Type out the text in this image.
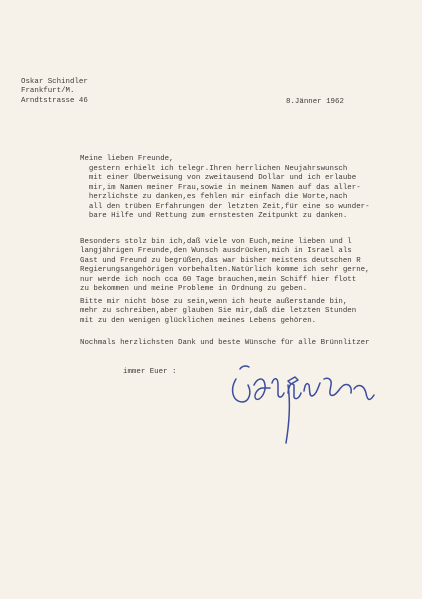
Oskar Schindler
Frankfurt/M.
Arndtstrasse 46	8.Jänner 1962

Meine lieben Freunde,

gestern erhielt ich telegr.Ihren herrlichen Neujahrswunsch
mit einer Überweisung von zweitausend Dollar und ich erlaube
mir,im Namen meiner Frau,sowie in meinem Namen auf das aller-
herzlichste zu danken,es fehlen mir einfach die Worte,nach
all den trüben Erfahrungen der letzten Zeit,für eine so wunder-
bare Hilfe und Rettung zum ernstesten Zeitpunkt zu danken.

Besonders stolz bin ich,daß viele von Euch,meine lieben und l
langjährigen Freunde,den Wunsch ausdrücken,mich in Israel als
Gast und Freund zu begrüßen,das war bisher meistens deutschen R
Regierungsangehörigen vorbehalten.Natürlich komme ich sehr gerne,
nur werde ich noch cca 60 Tage brauchen,mein Schiff hier flott
zu bekommen und meine Probleme in Ordnung zu geben.

Bitte mir nicht böse zu sein,wenn ich heute außerstande bin,
mehr zu schreiben,aber glauben Sie mir,daß die letzten Stunden
mit zu den wenigen glücklichen meines Lebens gehören.

Nochmals herzlichsten Dank und beste Wünsche für alle Brünnlitzer

immer Euer :
